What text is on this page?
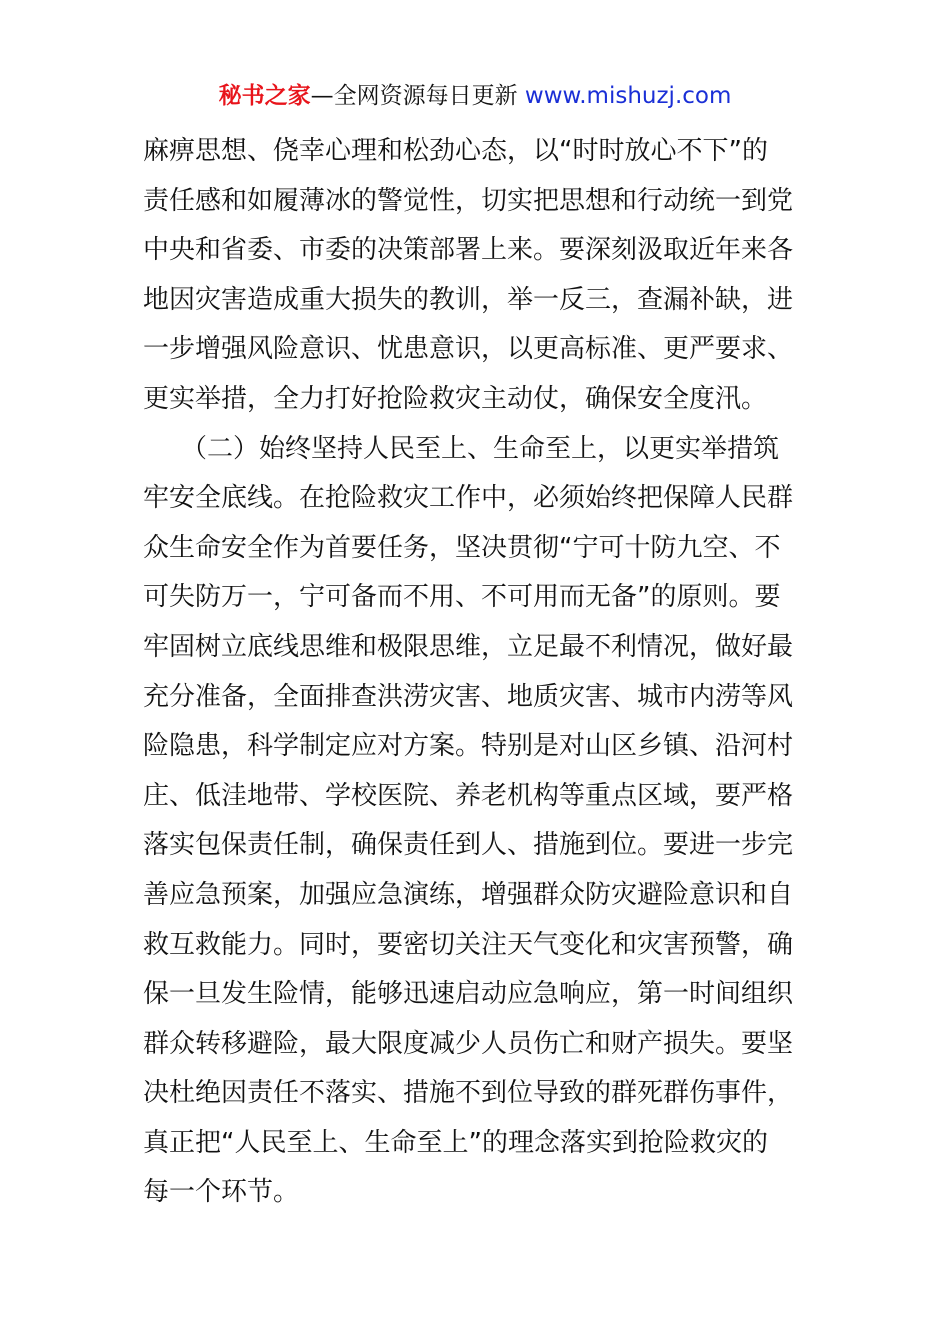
秘书之家—全网资源每日更新 www.mishuzj.com
麻痹思想、侥幸心理和松劲心态，以“时时放心不下”的
责任感和如履薄冰的警觉性，切实把思想和行动统一到党
中央和省委、市委的决策部署上来。要深刻汲取近年来各
地因灾害造成重大损失的教训，举一反三，查漏补缺，进
一步增强风险意识、忧患意识，以更高标准、更严要求、
更实举措，全力打好抢险救灾主动仗，确保安全度汛。
（二）始终坚持人民至上、生命至上，以更实举措筑
牢安全底线。在抢险救灾工作中，必须始终把保障人民群
众生命安全作为首要任务，坚决贯彻“宁可十防九空、不
可失防万一，宁可备而不用、不可用而无备”的原则。要
牢固树立底线思维和极限思维，立足最不利情况，做好最
充分准备，全面排查洪涝灾害、地质灾害、城市内涝等风
险隐患，科学制定应对方案。特别是对山区乡镇、沿河村
庄、低洼地带、学校医院、养老机构等重点区域，要严格
落实包保责任制，确保责任到人、措施到位。要进一步完
善应急预案，加强应急演练，增强群众防灾避险意识和自
救互救能力。同时，要密切关注天气变化和灾害预警，确
保一旦发生险情，能够迅速启动应急响应，第一时间组织
群众转移避险，最大限度减少人员伤亡和财产损失。要坚
决杜绝因责任不落实、措施不到位导致的群死群伤事件，
真正把“人民至上、生命至上”的理念落实到抢险救灾的
每一个环节。
